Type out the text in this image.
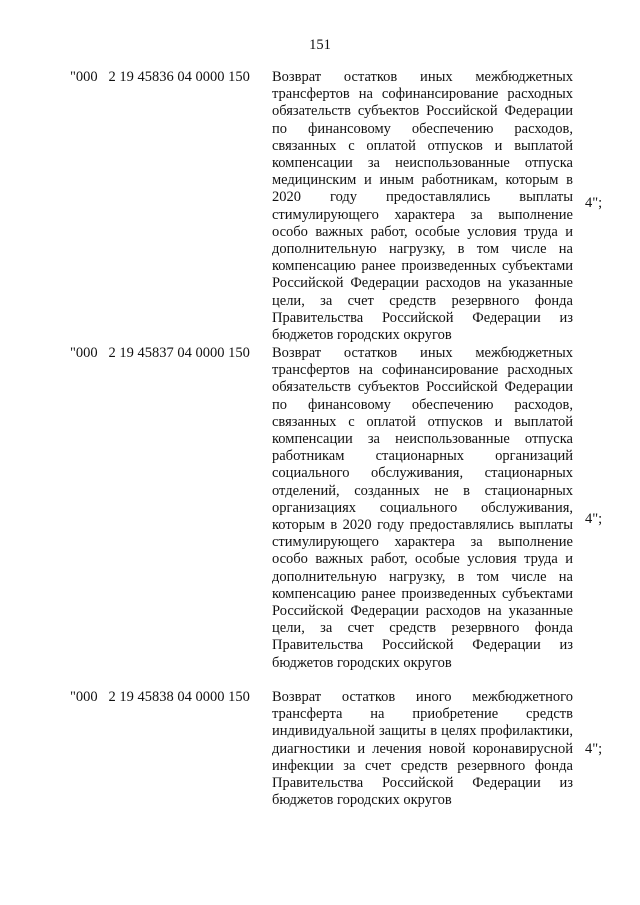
151
"000   2 19 45836 04 0000 150 Возврат остатков иных межбюджетных трансфертов на софинансирование расходных обязательств субъектов Российской Федерации по финансовому обеспечению расходов, связанных с оплатой отпусков и выплатой компенсации за неиспользованные отпуска медицинским и иным работникам, которым в 2020 году предоставлялись выплаты стимулирующего характера за выполнение особо важных работ, особые условия труда и дополнительную нагрузку, в том числе на компенсацию ранее произведенных субъектами Российской Федерации расходов на указанные цели, за счет средств резервного фонда Правительства Российской Федерации из бюджетов городских округов
4";
"000   2 19 45837 04 0000 150 Возврат остатков иных межбюджетных трансфертов на софинансирование расходных обязательств субъектов Российской Федерации по финансовому обеспечению расходов, связанных с оплатой отпусков и выплатой компенсации за неиспользованные отпуска работникам стационарных организаций социального обслуживания, стационарных отделений, созданных не в стационарных организациях социального обслуживания, которым в 2020 году предоставлялись выплаты стимулирующего характера за выполнение особо важных работ, особые условия труда и дополнительную нагрузку, в том числе на компенсацию ранее произведенных субъектами Российской Федерации расходов на указанные цели, за счет средств резервного фонда Правительства Российской Федерации из бюджетов городских округов
4";
"000   2 19 45838 04 0000 150 Возврат остатков иного межбюджетного трансферта на приобретение средств индивидуальной защиты в целях профилактики, диагностики и лечения новой коронавирусной инфекции за счет средств резервного фонда Правительства Российской Федерации из бюджетов городских округов
4";
